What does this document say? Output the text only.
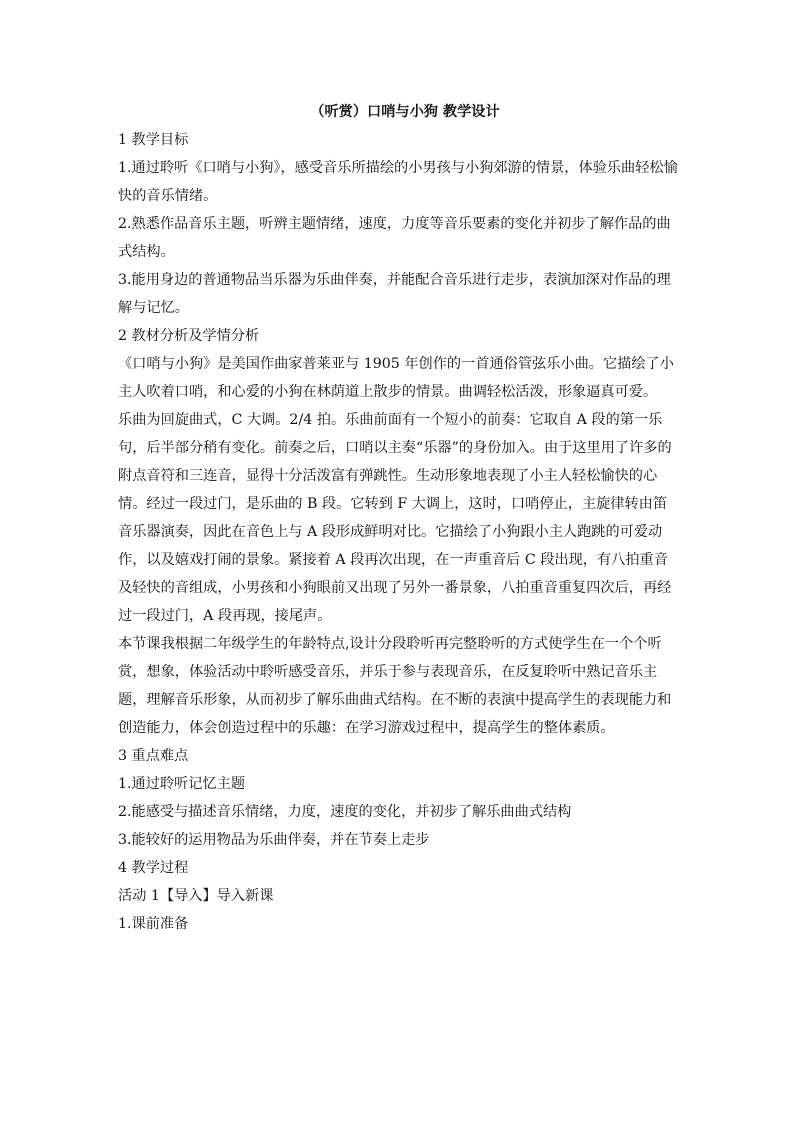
（听赏）口哨与小狗 教学设计

1 教学目标

1.通过聆听《口哨与小狗》，感受音乐所描绘的小男孩与小狗郊游的情景，体验乐曲轻松愉快的音乐情绪。

2.熟悉作品音乐主题，听辨主题情绪，速度，力度等音乐要素的变化并初步了解作品的曲式结构。

3.能用身边的普通物品当乐器为乐曲伴奏，并能配合音乐进行走步，表演加深对作品的理解与记忆。

2 教材分析及学情分析

《口哨与小狗》是美国作曲家普莱亚与 1905 年创作的一首通俗管弦乐小曲。它描绘了小主人吹着口哨，和心爱的小狗在林荫道上散步的情景。曲调轻松活泼，形象逼真可爱。

乐曲为回旋曲式，C 大调。2/4 拍。乐曲前面有一个短小的前奏：它取自 A 段的第一乐句，后半部分稍有变化。前奏之后，口哨以主奏“乐器”的身份加入。由于这里用了许多的附点音符和三连音，显得十分活泼富有弹跳性。生动形象地表现了小主人轻松愉快的心情。经过一段过门，是乐曲的 B 段。它转到 F 大调上，这时，口哨停止，主旋律转由笛音乐器演奏，因此在音色上与 A 段形成鲜明对比。它描绘了小狗跟小主人跑跳的可爱动作，以及嬉戏打闹的景象。紧接着 A 段再次出现，在一声重音后 C 段出现，有八拍重音及轻快的音组成，小男孩和小狗眼前又出现了另外一番景象，八拍重音重复四次后，再经过一段过门，A 段再现，接尾声。

本节课我根据二年级学生的年龄特点,设计分段聆听再完整聆听的方式使学生在一个个听赏，想象，体验活动中聆听感受音乐，并乐于参与表现音乐，在反复聆听中熟记音乐主题，理解音乐形象，从而初步了解乐曲曲式结构。在不断的表演中提高学生的表现能力和创造能力，体会创造过程中的乐趣：在学习游戏过程中，提高学生的整体素质。

3 重点难点

1.通过聆听记忆主题

2.能感受与描述音乐情绪，力度，速度的变化，并初步了解乐曲曲式结构

3.能较好的运用物品为乐曲伴奏，并在节奏上走步

4 教学过程

活动 1【导入】导入新课

1.课前准备
